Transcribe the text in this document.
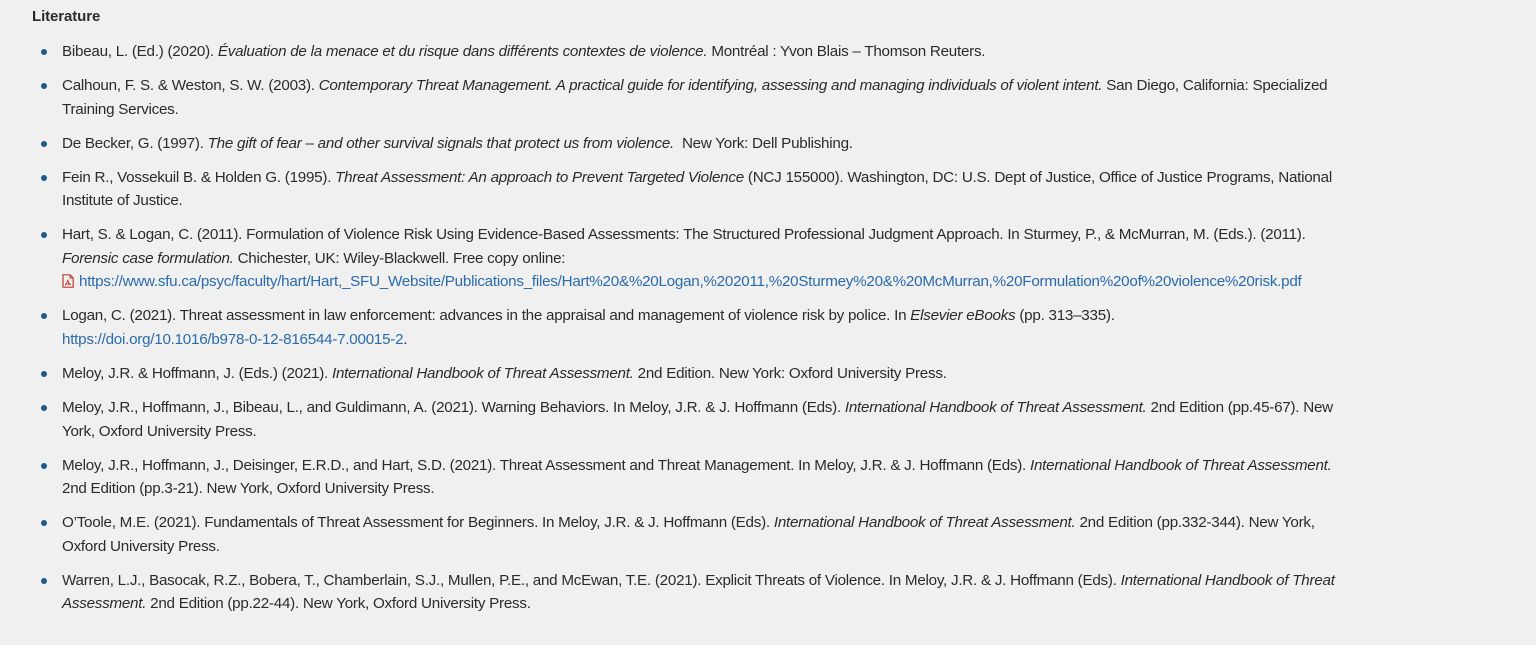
Literature
Bibeau, L. (Ed.) (2020). Évaluation de la menace et du risque dans différents contextes de violence. Montréal : Yvon Blais – Thomson Reuters.
Calhoun, F. S. & Weston, S. W. (2003). Contemporary Threat Management. A practical guide for identifying, assessing and managing individuals of violent intent. San Diego, California: Specialized Training Services.
De Becker, G. (1997). The gift of fear – and other survival signals that protect us from violence.  New York: Dell Publishing.
Fein R., Vossekuil B. & Holden G. (1995). Threat Assessment: An approach to Prevent Targeted Violence (NCJ 155000). Washington, DC: U.S. Dept of Justice, Office of Justice Programs, National Institute of Justice.
Hart, S. & Logan, C. (2011). Formulation of Violence Risk Using Evidence-Based Assessments: The Structured Professional Judgment Approach. In Sturmey, P., & McMurran, M. (Eds.). (2011). Forensic case formulation. Chichester, UK: Wiley-Blackwell. Free copy online:
https://www.sfu.ca/psyc/faculty/hart/Hart,_SFU_Website/Publications_files/Hart%20&%20Logan,%202011,%20Sturmey%20&%20McMurran,%20Formulation%20of%20violence%20risk.pdf
Logan, C. (2021). Threat assessment in law enforcement: advances in the appraisal and management of violence risk by police. In Elsevier eBooks (pp. 313–335).
https://doi.org/10.1016/b978-0-12-816544-7.00015-2.
Meloy, J.R. & Hoffmann, J. (Eds.) (2021). International Handbook of Threat Assessment. 2nd Edition. New York: Oxford University Press.
Meloy, J.R., Hoffmann, J., Bibeau, L., and Guldimann, A. (2021). Warning Behaviors. In Meloy, J.R. & J. Hoffmann (Eds). International Handbook of Threat Assessment. 2nd Edition (pp.45-67). New York, Oxford University Press.
Meloy, J.R., Hoffmann, J., Deisinger, E.R.D., and Hart, S.D. (2021). Threat Assessment and Threat Management. In Meloy, J.R. & J. Hoffmann (Eds). International Handbook of Threat Assessment. 2nd Edition (pp.3-21). New York, Oxford University Press.
O’Toole, M.E. (2021). Fundamentals of Threat Assessment for Beginners. In Meloy, J.R. & J. Hoffmann (Eds). International Handbook of Threat Assessment. 2nd Edition (pp.332-344). New York, Oxford University Press.
Warren, L.J., Basocak, R.Z., Bobera, T., Chamberlain, S.J., Mullen, P.E., and McEwan, T.E. (2021). Explicit Threats of Violence. In Meloy, J.R. & J. Hoffmann (Eds). International Handbook of Threat Assessment. 2nd Edition (pp.22-44). New York, Oxford University Press.
